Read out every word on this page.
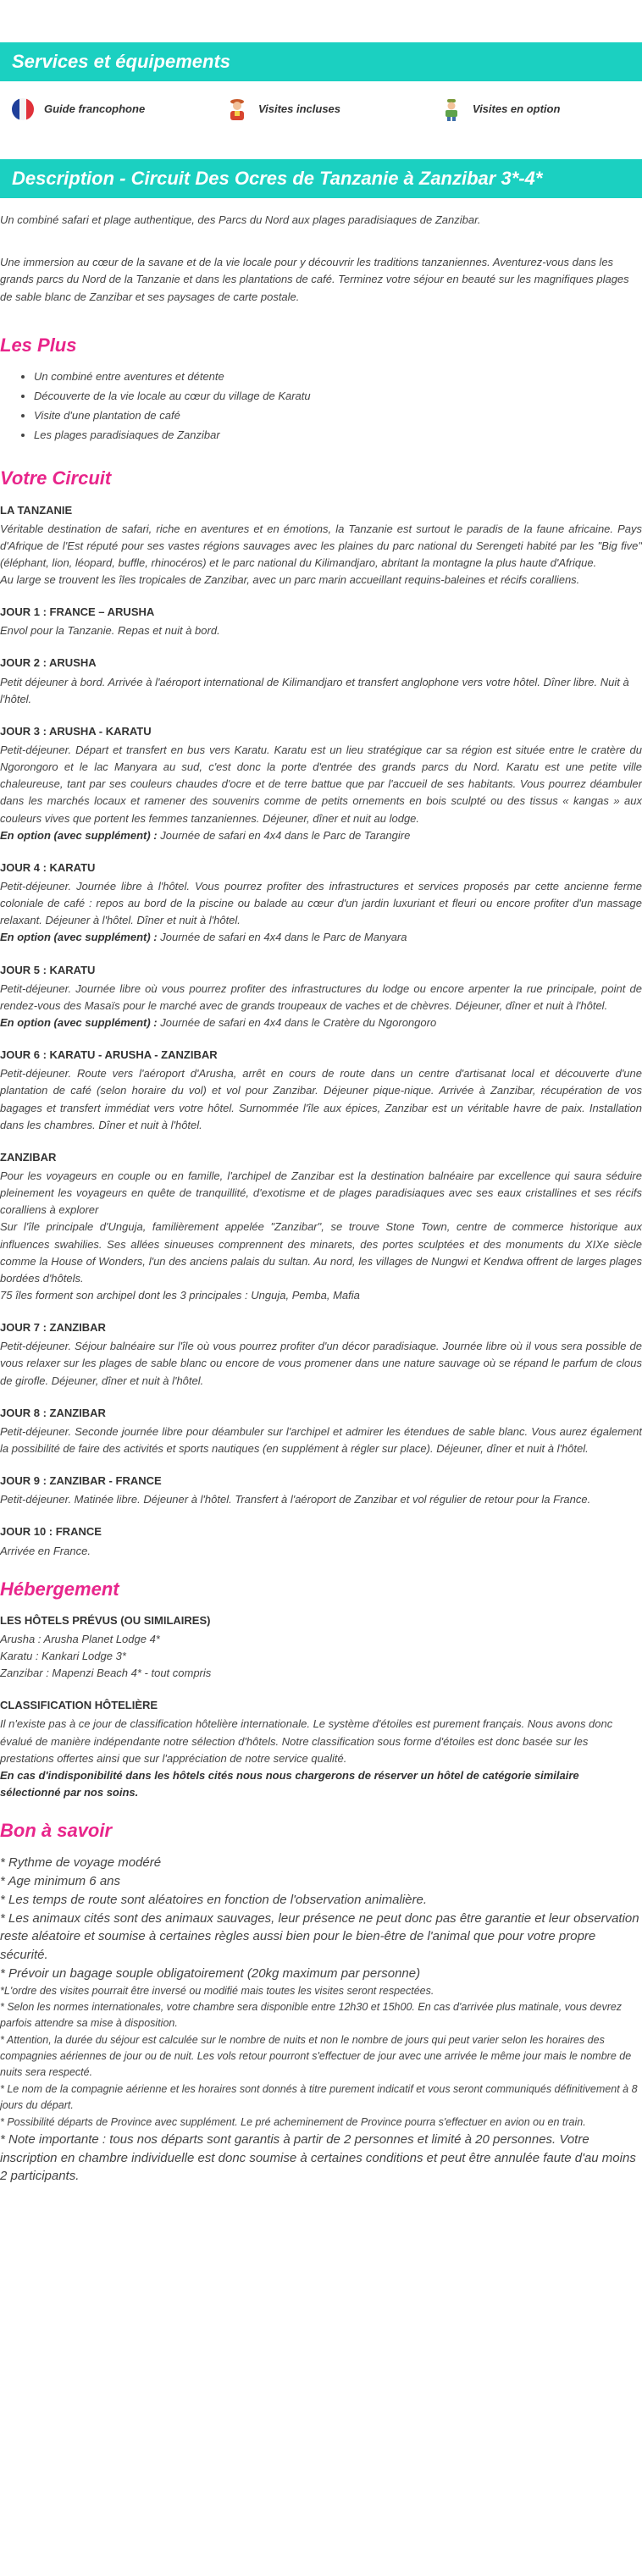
Services et équipements
Guide francophone	Visites incluses	Visites en option
Description - Circuit Des Ocres de Tanzanie à Zanzibar 3*-4*

Un combiné safari et plage authentique, des Parcs du Nord aux plages paradisiaques de Zanzibar.

Une immersion au cœur de la savane et de la vie locale pour y découvrir les traditions tanzaniennes. Aventurez-vous dans les grands parcs du Nord de la Tanzanie et dans les plantations de café. Terminez votre séjour en beauté sur les magnifiques plages de sable blanc de Zanzibar et ses paysages de carte postale.

Les Plus
• Un combiné entre aventures et détente
• Découverte de la vie locale au cœur du village de Karatu
• Visite d'une plantation de café
• Les plages paradisiaques de Zanzibar
Votre Circuit
LA TANZANIE

Véritable destination de safari, riche en aventures et en émotions, la Tanzanie est surtout le paradis de la faune africaine. Pays d'Afrique de l'Est réputé pour ses vastes régions sauvages avec les plaines du parc national du Serengeti habité par les "Big five" (éléphant, lion, léopard, buffle, rhinocéros) et le parc national du Kilimandjaro, abritant la montagne la plus haute d'Afrique.

Au large se trouvent les îles tropicales de Zanzibar, avec un parc marin accueillant requins-baleines et récifs coralliens.

JOUR 1 : FRANCE – ARUSHA

Envol pour la Tanzanie. Repas et nuit à bord.

JOUR 2 : ARUSHA

Petit déjeuner à bord. Arrivée à l'aéroport international de Kilimandjaro et transfert anglophone vers votre hôtel. Dîner libre. Nuit à l'hôtel.

JOUR 3 : ARUSHA - KARATU

Petit-déjeuner. Départ et transfert en bus vers Karatu. Karatu est un lieu stratégique car sa région est située entre le cratère du Ngorongoro et le lac Manyara au sud, c'est donc la porte d'entrée des grands parcs du Nord. Karatu est une petite ville chaleureuse, tant par ses couleurs chaudes d'ocre et de terre battue que par l'accueil de ses habitants. Vous pourrez déambuler dans les marchés locaux et ramener des souvenirs comme de petits ornements en bois sculpté ou des tissus « kangas » aux couleurs vives que portent les femmes tanzaniennes. Déjeuner, dîner et nuit au lodge.

En option (avec supplément) : Journée de safari en 4x4 dans le Parc de Tarangire

JOUR 4 : KARATU

Petit-déjeuner. Journée libre à l'hôtel. Vous pourrez profiter des infrastructures et services proposés par cette ancienne ferme coloniale de café : repos au bord de la piscine ou balade au cœur d'un jardin luxuriant et fleuri ou encore profiter d'un massage relaxant. Déjeuner à l'hôtel. Dîner et nuit à l'hôtel.

En option (avec supplément) : Journée de safari en 4x4 dans le Parc de Manyara

JOUR 5 : KARATU

Petit-déjeuner. Journée libre où vous pourrez profiter des infrastructures du lodge ou encore arpenter la rue principale, point de rendez-vous des Masaïs pour le marché avec de grands troupeaux de vaches et de chèvres. Déjeuner, dîner et nuit à l'hôtel.

En option (avec supplément) : Journée de safari en 4x4 dans le Cratère du Ngorongoro

JOUR 6 : KARATU - ARUSHA - ZANZIBAR

Petit-déjeuner. Route vers l'aéroport d'Arusha, arrêt en cours de route dans un centre d'artisanat local et découverte d'une plantation de café (selon horaire du vol) et vol pour Zanzibar. Déjeuner pique-nique. Arrivée à Zanzibar, récupération de vos bagages et transfert immédiat vers votre hôtel. Surnommée l'île aux épices, Zanzibar est un véritable havre de paix. Installation dans les chambres. Dîner et nuit à l'hôtel.

ZANZIBAR

Pour les voyageurs en couple ou en famille, l'archipel de Zanzibar est la destination balnéaire par excellence qui saura séduire pleinement les voyageurs en quête de tranquillité, d'exotisme et de plages paradisiaques avec ses eaux cristallines et ses récifs coralliens à explorer

Sur l'île principale d'Unguja, familièrement appelée "Zanzibar", se trouve Stone Town, centre de commerce historique aux influences swahilies. Ses allées sinueuses comprennent des minarets, des portes sculptées et des monuments du XIXe siècle comme la House of Wonders, l'un des anciens palais du sultan. Au nord, les villages de Nungwi et Kendwa offrent de larges plages bordées d'hôtels.

75 îles forment son archipel dont les 3 principales : Unguja, Pemba, Mafia

JOUR 7 : ZANZIBAR

Petit-déjeuner. Séjour balnéaire sur l'île où vous pourrez profiter d'un décor paradisiaque. Journée libre où il vous sera possible de vous relaxer sur les plages de sable blanc ou encore de vous promener dans une nature sauvage où se répand le parfum de clous de girofle. Déjeuner, dîner et nuit à l'hôtel.

JOUR 8 : ZANZIBAR

Petit-déjeuner. Seconde journée libre pour déambuler sur l'archipel et admirer les étendues de sable blanc. Vous aurez également la possibilité de faire des activités et sports nautiques (en supplément à régler sur place). Déjeuner, dîner et nuit à l'hôtel.

JOUR 9 : ZANZIBAR - FRANCE

Petit-déjeuner. Matinée libre. Déjeuner à l'hôtel. Transfert à l'aéroport de Zanzibar et vol régulier de retour pour la France.

JOUR 10 : FRANCE

Arrivée en France.

Hébergement
LES HÔTELS PRÉVUS (OU SIMILAIRES)

Arusha : Arusha Planet Lodge 4*

Karatu : Kankari Lodge 3*

Zanzibar : Mapenzi Beach 4* - tout compris

CLASSIFICATION HÔTELIÈRE

Il n'existe pas à ce jour de classification hôtelière internationale. Le système d'étoiles est purement français. Nous avons donc évalué de manière indépendante notre sélection d'hôtels. Notre classification sous forme d'étoiles est donc basée sur les prestations offertes ainsi que sur l'appréciation de notre service qualité.

En cas d'indisponibilité dans les hôtels cités nous nous chargerons de réserver un hôtel de catégorie similaire sélectionné par nos soins.

Bon à savoir

* Rythme de voyage modéré

* Age minimum 6 ans

* Les temps de route sont aléatoires en fonction de l'observation animalière.

* Les animaux cités sont des animaux sauvages, leur présence ne peut donc pas être garantie et leur observation reste aléatoire et soumise à certaines règles aussi bien pour le bien-être de l'animal que pour votre propre sécurité.

* Prévoir un bagage souple obligatoirement (20kg maximum par personne)

*L'ordre des visites pourrait être inversé ou modifié mais toutes les visites seront respectées.

* Selon les normes internationales, votre chambre sera disponible entre 12h30 et 15h00. En cas d'arrivée plus matinale, vous devrez parfois attendre sa mise à disposition.

* Attention, la durée du séjour est calculée sur le nombre de nuits et non le nombre de jours qui peut varier selon les horaires des compagnies aériennes de jour ou de nuit. Les vols retour pourront s'effectuer de jour avec une arrivée le même jour mais le nombre de nuits sera respecté.

* Le nom de la compagnie aérienne et les horaires sont donnés à titre purement indicatif et vous seront communiqués définitivement à 8 jours du départ.

* Possibilité départs de Province avec supplément. Le pré acheminement de Province pourra s'effectuer en avion ou en train.

* Note importante : tous nos départs sont garantis à partir de 2 personnes et limité à 20 personnes. Votre inscription en chambre individuelle est donc soumise à certaines conditions et peut être annulée faute d'au moins 2 participants.
